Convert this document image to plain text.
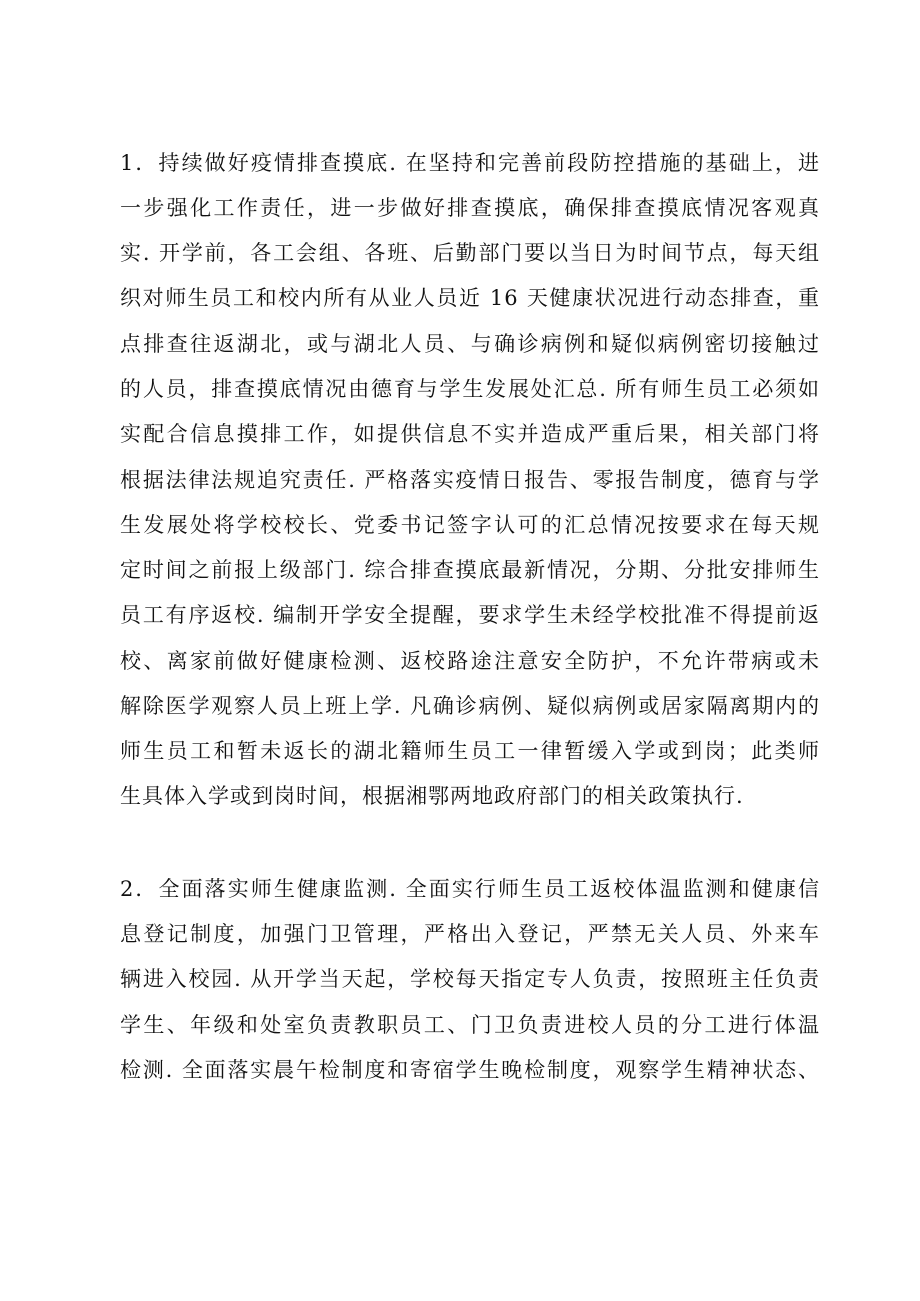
1．持续做好疫情排查摸底. 在坚持和完善前段防控措施的基础上，进
一步强化工作责任，进一步做好排查摸底，确保排查摸底情况客观真
实. 开学前，各工会组、各班、后勤部门要以当日为时间节点，每天组
织对师生员工和校内所有从业人员近 16 天健康状况进行动态排查，重
点排查往返湖北，或与湖北人员、与确诊病例和疑似病例密切接触过
的人员，排查摸底情况由德育与学生发展处汇总. 所有师生员工必须如
实配合信息摸排工作，如提供信息不实并造成严重后果，相关部门将
根据法律法规追究责任. 严格落实疫情日报告、零报告制度，德育与学
生发展处将学校校长、党委书记签字认可的汇总情况按要求在每天规
定时间之前报上级部门. 综合排查摸底最新情况，分期、分批安排师生
员工有序返校. 编制开学安全提醒，要求学生未经学校批准不得提前返
校、离家前做好健康检测、返校路途注意安全防护，不允许带病或未
解除医学观察人员上班上学. 凡确诊病例、疑似病例或居家隔离期内的
师生员工和暂未返长的湖北籍师生员工一律暂缓入学或到岗；此类师
生具体入学或到岗时间，根据湘鄂两地政府部门的相关政策执行.
2．全面落实师生健康监测. 全面实行师生员工返校体温监测和健康信
息登记制度，加强门卫管理，严格出入登记，严禁无关人员、外来车
辆进入校园. 从开学当天起，学校每天指定专人负责，按照班主任负责
学生、年级和处室负责教职员工、门卫负责进校人员的分工进行体温
检测. 全面落实晨午检制度和寄宿学生晚检制度，观察学生精神状态、
